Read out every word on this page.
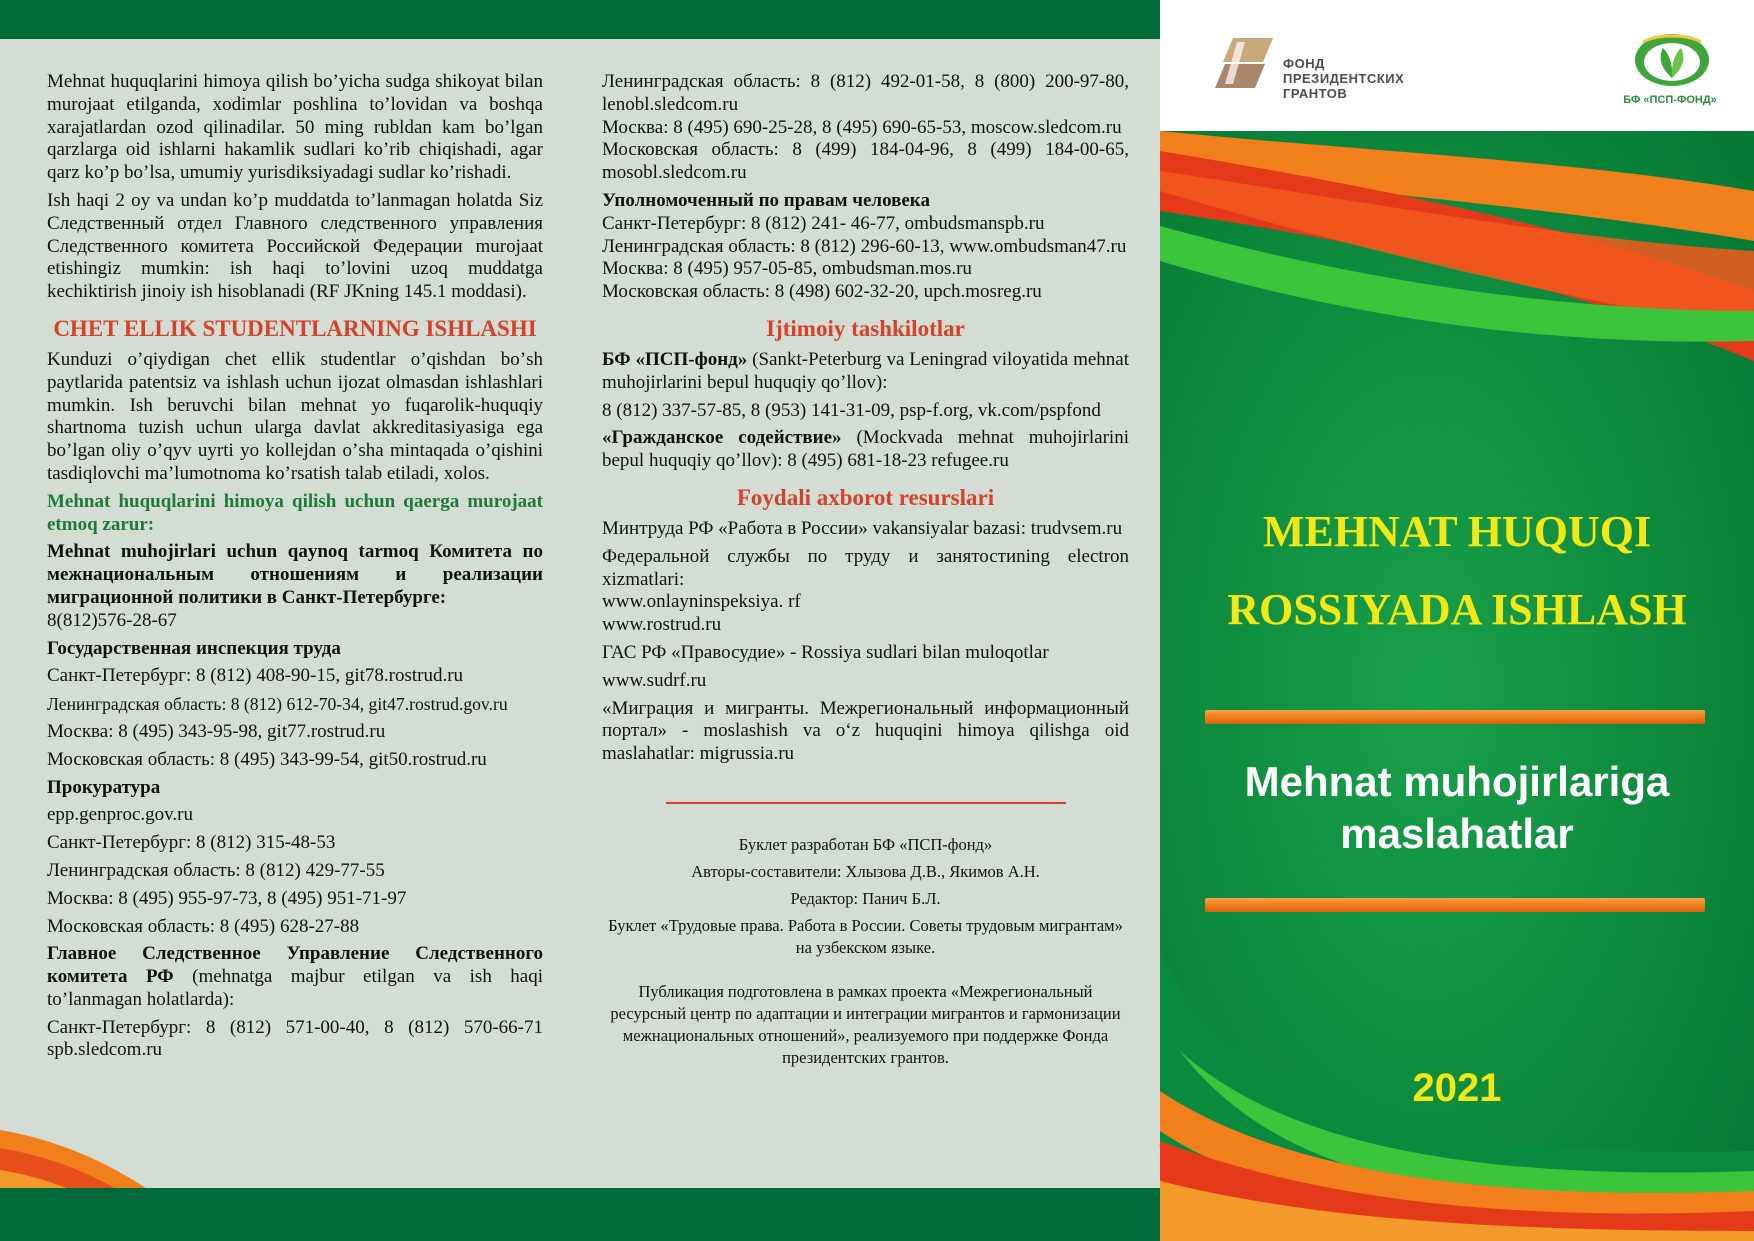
Mehnat huquqlarini himoya qilish boʼyicha sudga shikoyat bilan murojaat etilganda, xodimlar poshlina toʼlovidan va boshqa xarajatlardan ozod qilinadilar. 50 ming rubldan kam boʼlgan qarzlarga oid ishlarni hakamlik sudlari koʼrib chiqishadi, agar qarz koʼp boʼlsa, umumiy yurisdiksiyadagi sudlar koʼrishadi.

Ish haqi 2 oy va undan koʼp muddatda toʼlanmagan holatda Siz Следственный отдел Главного следственного управления Следственного комитета Российской Федерации murojaat etishingiz mumkin: ish haqi toʼlovini uzoq muddatga kechiktirish jinoiy ish hisoblanadi (RF JKning 145.1 moddasi).

CHET ELLIK STUDENTLARNING ISHLASHI

Kunduzi oʼqiydigan chet ellik studentlar oʼqishdan boʼsh paytlarida patentsiz va ishlash uchun ijozat olmasdan ishlashlari mumkin. Ish beruvchi bilan mehnat yo fuqarolik-huquqiy shartnoma tuzish uchun ularga davlat akkreditasiyasiga ega boʼlgan oliy oʼqyv uyrti yo kollejdan oʼsha mintaqada oʼqishini tasdiqlovchi maʼlumotnoma koʼrsatish talab etiladi, xolos.

Mehnat huquqlarini himoya qilish uchun qaerga murojaat etmoq zarur:

Mehnat muhojirlari uchun qaynoq tarmoq Комитета по межнациональным отношениям и реализации миграционной политики в Санкт-Петербурге:

8(812)576-28-67

Государственная инспекция труда

Санкт-Петербург: 8 (812) 408-90-15, git78.rostrud.ru

Ленинградская область: 8 (812) 612-70-34, git47.rostrud.gov.ru

Москва: 8 (495) 343-95-98, git77.rostrud.ru

Московская область: 8 (495) 343-99-54, git50.rostrud.ru

Прокуратура

epp.genproc.gov.ru

Санкт-Петербург: 8 (812) 315-48-53

Ленинградская область: 8 (812) 429-77-55

Москва: 8 (495) 955-97-73, 8 (495) 951-71-97

Московская область: 8 (495) 628-27-88

Главное Следственное Управление Следственного комитета РФ (mehnatga majbur etilgan va ish haqi toʼlanmagan holatlarda):

Санкт-Петербург: 8 (812) 571-00-40, 8 (812) 570-66-71 spb.sledcom.ru

Ленинградская область: 8 (812) 492-01-58, 8 (800) 200-97-80, lenobl.sledcom.ru

Москва: 8 (495) 690-25-28, 8 (495) 690-65-53, moscow.sledcom.ru

Московская область: 8 (499) 184-04-96, 8 (499) 184-00-65, mosobl.sledcom.ru

Уполномоченный по правам человека

Санкт-Петербург: 8 (812) 241- 46-77, ombudsmanspb.ru

Ленинградская область: 8 (812) 296-60-13, www.ombudsman47.ru

Москва: 8 (495) 957-05-85, ombudsman.mos.ru

Московская область: 8 (498) 602-32-20, upch.mosreg.ru

Ijtimoiy tashkilotlar

БФ «ПСП-фонд» (Sankt-Peterburg va Leningrad viloyatida mehnat muhojirlarini bepul huquqiy qoʼllov):

8 (812) 337-57-85, 8 (953) 141-31-09, psp-f.org, vk.com/pspfond

«Гражданское содействие» (Mockvada mehnat muhojirlarini bepul huquqiy qoʼllov): 8 (495) 681-18-23 refugee.ru

Foydali axborot resurslari

Минтруда РФ «Работа в России» vakansiyalar bazasi: trudvsem.ru

Федеральной службы по труду и занятостиning electron xizmatlari:

www.onlayninspeksiya. rf

www.rostrud.ru

ГАС РФ «Правосудие» - Rossiya sudlari bilan muloqotlar

www.sudrf.ru

«Миграция и мигранты. Межрегиональный информационный портал» - moslashish va oʻz huquqini himoya qilishga oid maslahatlar: migrussia.ru

Буклет разработан БФ «ПСП-фонд»

Авторы-составители: Хлызова Д.В., Якимов А.Н.

Редактор: Панич Б.Л.

Буклет «Трудовые права. Работа в России. Советы трудовым мигрантам» на узбекском языке.

Публикация подготовлена в рамках проекта «Межрегиональный ресурсный центр по адаптации и интеграции мигрантов и гармонизации межнациональных отношений», реализуемого при поддержке Фонда президентских грантов.

ФОНД
ПРЕЗИДЕНТСКИХ
ГРАНТОВ	БФ «ПСП-ФОНД»
MEHNAT HUQUQI
ROSSIYADA ISHLASH
Mehnat muhojirlariga
maslahatlar
2021
